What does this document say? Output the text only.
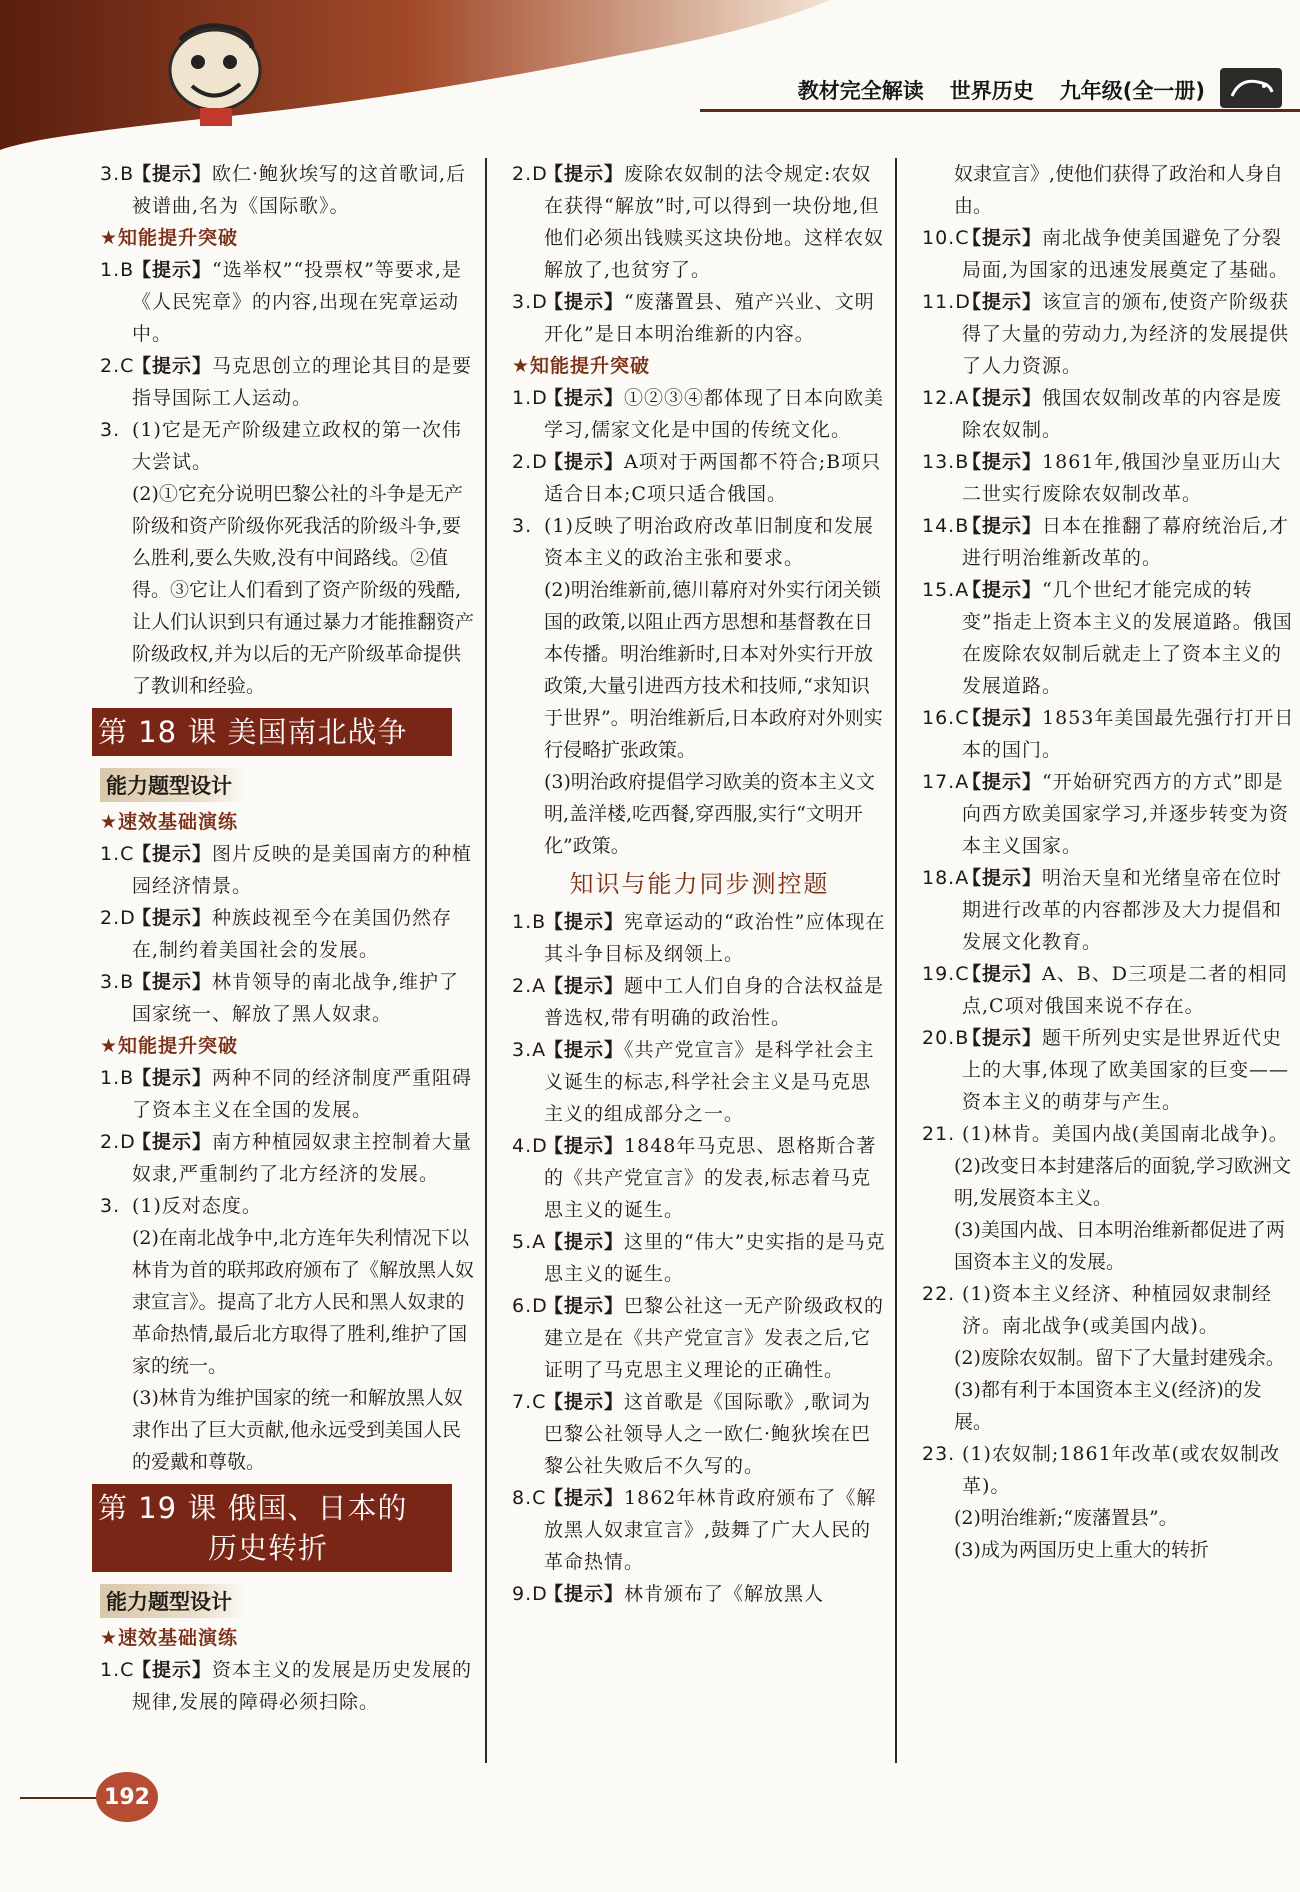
教材完全解读 世界历史 九年级(全一册)
3.B
【提示】欧仁·鲍狄埃写的这首歌词,后被谱曲,名为《国际歌》。
★知能提升突破
1.B
【提示】“选举权”“投票权”等要求,是《人民宪章》的内容,出现在宪章运动中。
2.C
【提示】马克思创立的理论其目的是要指导国际工人运动。
3. (1)它是无产阶级建立政权的第一次伟大尝试。
(2)①它充分说明巴黎公社的斗争是无产阶级和资产阶级你死我活的阶级斗争,要么胜利,要么失败,没有中间路线。②值得。③它让人们看到了资产阶级的残酷,让人们认识到只有通过暴力才能推翻资产阶级政权,并为以后的无产阶级革命提供了教训和经验。
第 18 课 美国南北战争
能力题型设计
★速效基础演练
1.C
【提示】图片反映的是美国南方的种植园经济情景。
2.D
【提示】种族歧视至今在美国仍然存在,制约着美国社会的发展。
3.B
【提示】林肯领导的南北战争,维护了国家统一、解放了黑人奴隶。
★知能提升突破
1.B
【提示】两种不同的经济制度严重阻碍了资本主义在全国的发展。
2.D
【提示】南方种植园奴隶主控制着大量奴隶,严重制约了北方经济的发展。
3. (1)反对态度。
(2)在南北战争中,北方连年失利情况下以林肯为首的联邦政府颁布了《解放黑人奴隶宣言》。提高了北方人民和黑人奴隶的革命热情,最后北方取得了胜利,维护了国家的统一。
(3)林肯为维护国家的统一和解放黑人奴隶作出了巨大贡献,他永远受到美国人民的爱戴和尊敬。
第 19 课 俄国、日本的
历史转折
能力题型设计
★速效基础演练
1.C
【提示】资本主义的发展是历史发展的规律,发展的障碍必须扫除。
2.D
【提示】废除农奴制的法令规定:农奴在获得“解放”时,可以得到一块份地,但他们必须出钱赎买这块份地。这样农奴解放了,也贫穷了。
3.D
【提示】“废藩置县、殖产兴业、文明开化”是日本明治维新的内容。
★知能提升突破
1.D
【提示】①②③④都体现了日本向欧美学习,儒家文化是中国的传统文化。
2.D
【提示】A项对于两国都不符合;B项只适合日本;C项只适合俄国。
3. (1)反映了明治政府改革旧制度和发展资本主义的政治主张和要求。
(2)明治维新前,德川幕府对外实行闭关锁国的政策,以阻止西方思想和基督教在日本传播。明治维新时,日本对外实行开放政策,大量引进西方技术和技师,“求知识于世界”。明治维新后,日本政府对外则实行侵略扩张政策。
(3)明治政府提倡学习欧美的资本主义文明,盖洋楼,吃西餐,穿西服,实行“文明开化”政策。
知识与能力同步测控题
1.B
【提示】宪章运动的“政治性”应体现在其斗争目标及纲领上。
2.A
【提示】题中工人们自身的合法权益是普选权,带有明确的政治性。
3.A
【提示】《共产党宣言》是科学社会主义诞生的标志,科学社会主义是马克思主义的组成部分之一。
4.D
【提示】1848年马克思、恩格斯合著的《共产党宣言》的发表,标志着马克思主义的诞生。
5.A
【提示】这里的“伟大”史实指的是马克思主义的诞生。
6.D
【提示】巴黎公社这一无产阶级政权的建立是在《共产党宣言》发表之后,它证明了马克思主义理论的正确性。
7.C
【提示】这首歌是《国际歌》,歌词为巴黎公社领导人之一欧仁·鲍狄埃在巴黎公社失败后不久写的。
8.C
【提示】1862年林肯政府颁布了《解放黑人奴隶宣言》,鼓舞了广大人民的革命热情。
9.D
【提示】林肯颁布了《解放黑人
奴隶宣言》,使他们获得了政治和人身自由。
10.C
【提示】南北战争使美国避免了分裂局面,为国家的迅速发展奠定了基础。
11.D
【提示】该宣言的颁布,使资产阶级获得了大量的劳动力,为经济的发展提供了人力资源。
12.A
【提示】俄国农奴制改革的内容是废除农奴制。
13.B
【提示】1861年,俄国沙皇亚历山大二世实行废除农奴制改革。
14.B
【提示】日本在推翻了幕府统治后,才进行明治维新改革的。
15.A
【提示】“几个世纪才能完成的转变”指走上资本主义的发展道路。俄国在废除农奴制后就走上了资本主义的发展道路。
16.C
【提示】1853年美国最先强行打开日本的国门。
17.A
【提示】“开始研究西方的方式”即是向西方欧美国家学习,并逐步转变为资本主义国家。
18.A
【提示】明治天皇和光绪皇帝在位时期进行改革的内容都涉及大力提倡和发展文化教育。
19.C
【提示】A、B、D三项是二者的相同点,C项对俄国来说不存在。
20.B
【提示】题干所列史实是世界近代史上的大事,体现了欧美国家的巨变——资本主义的萌芽与产生。
21. (1)林肯。美国内战(美国南北战争)。
(2)改变日本封建落后的面貌,学习欧洲文明,发展资本主义。
(3)美国内战、日本明治维新都促进了两国资本主义的发展。
22. (1)资本主义经济、种植园奴隶制经济。南北战争(或美国内战)。
(2)废除农奴制。留下了大量封建残余。
(3)都有利于本国资本主义(经济)的发展。
23. (1)农奴制;1861年改革(或农奴制改革)。
(2)明治维新;“废藩置县”。
(3)成为两国历史上重大的转折
192
